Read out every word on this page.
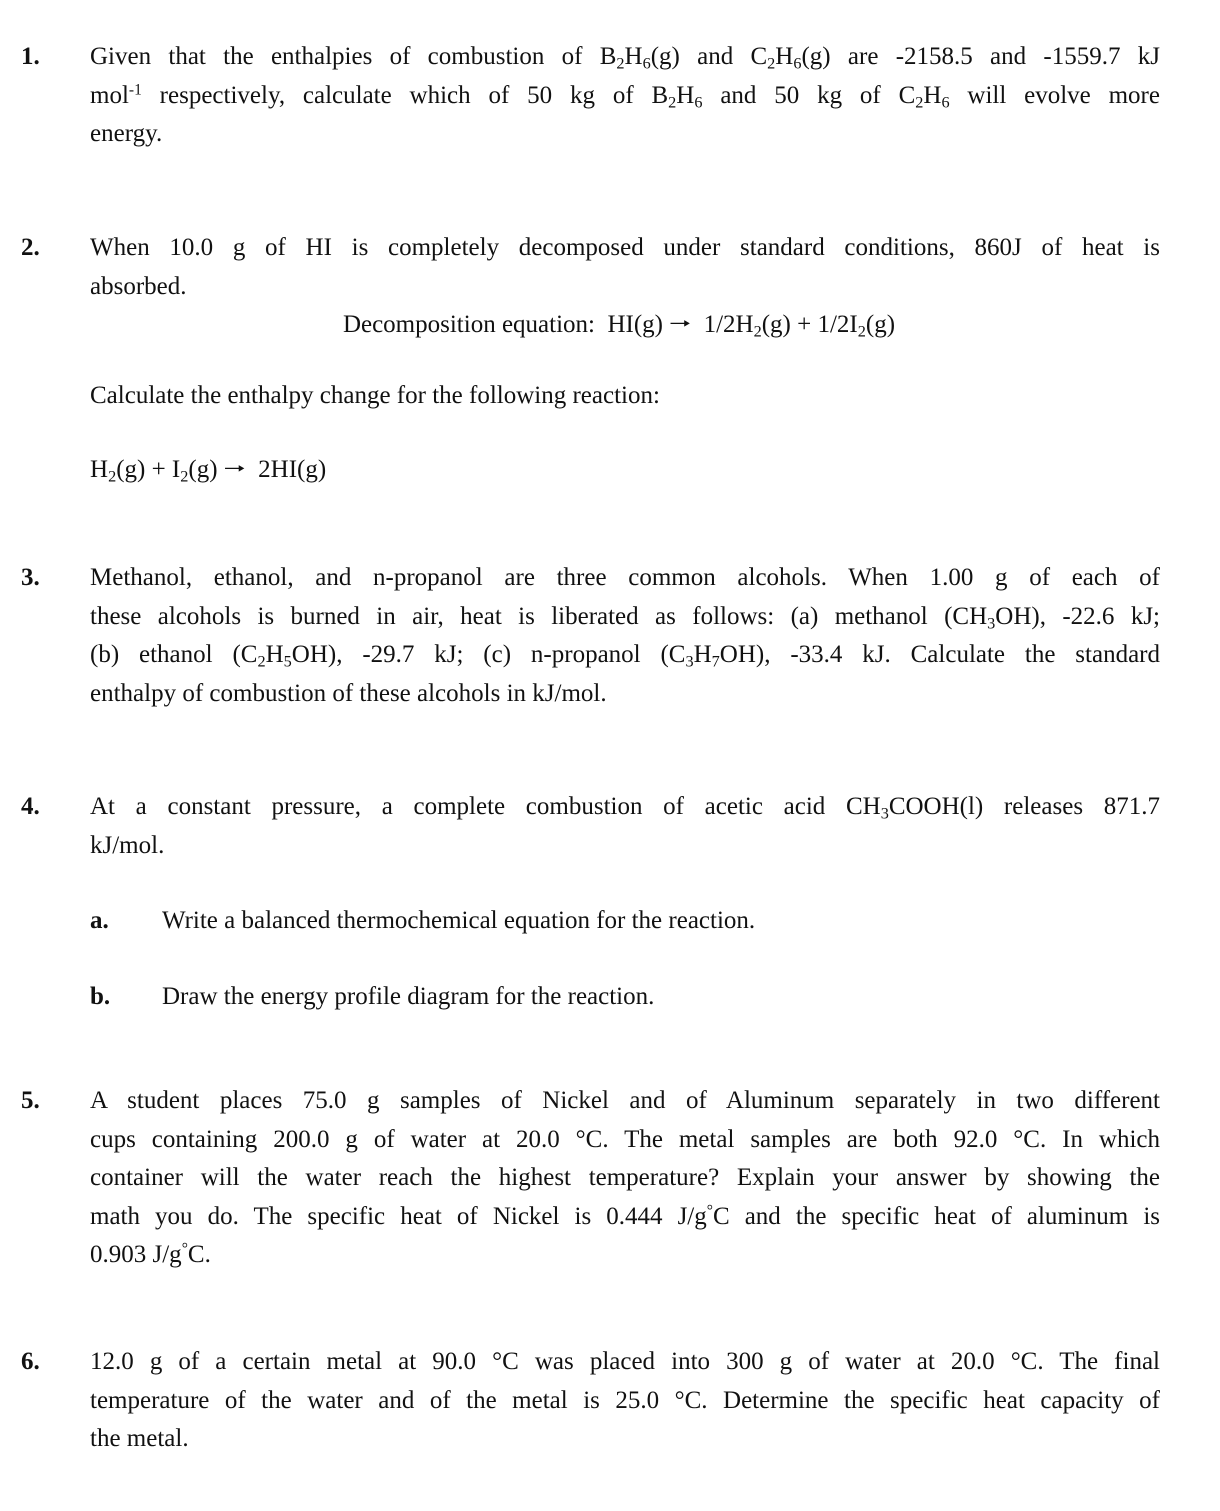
1. Given that the enthalpies of combustion of $B_2H_6(g)$ and $C_2H_6(g)$ are -2158.5 and -1559.7 kJ
mol$^{-1}$ respectively, calculate which of 50 kg of $B_2H_6$ and 50 kg of $C_2H_6$ will evolve more
energy.
2. When 10.0 g of HI is completely decomposed under standard conditions, 860J of heat is
absorbed.
Decomposition equation:  HI(g) 🠒  $1/2H_2(g) + 1/2I_2(g)$
Calculate the enthalpy change for the following reaction:
$H_2(g) + I_2(g)$ 🠒  2HI(g)
3. Methanol, ethanol, and n-propanol are three common alcohols. When 1.00 g of each of
these alcohols is burned in air, heat is liberated as follows: (a) methanol $(CH_3OH)$, -22.6 kJ;
(b) ethanol $(C_2H_5OH)$, -29.7 kJ; (c) n-propanol $(C_3H_7OH)$, -33.4 kJ. Calculate the standard
enthalpy of combustion of these alcohols in kJ/mol.
4. At a constant pressure, a complete combustion of acetic acid $CH_3COOH(l)$ releases 871.7
kJ/mol.
a. Write a balanced thermochemical equation for the reaction.
b. Draw the energy profile diagram for the reaction.
5. A student places 75.0 g samples of Nickel and of Aluminum separately in two different
cups containing 200.0 g of water at 20.0 °C. The metal samples are both 92.0 °C. In which
container will the water reach the highest temperature? Explain your answer by showing the
math you do. The specific heat of Nickel is 0.444 J/g°C and the specific heat of aluminum is
0.903 J/g°C.
6. 12.0 g of a certain metal at 90.0 °C was placed into 300 g of water at 20.0 °C. The final
temperature of the water and of the metal is 25.0 °C. Determine the specific heat capacity of
the metal.
